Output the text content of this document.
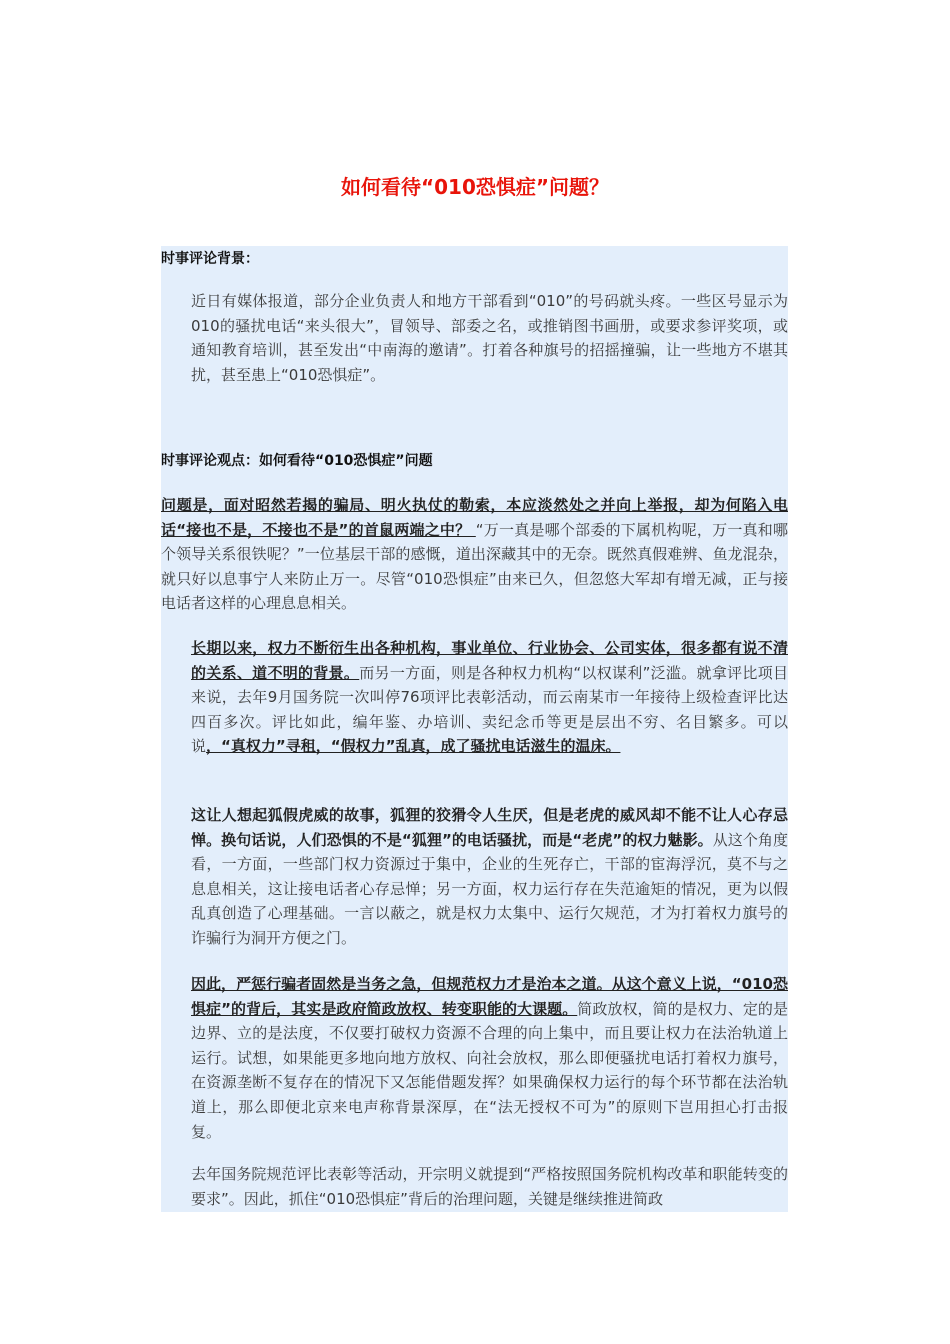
如何看待“010恐惧症”问题？

时事评论背景：

近日有媒体报道，部分企业负责人和地方干部看到“010”的号码就头疼。一些区号显示为010的骚扰电话“来头很大”，冒领导、部委之名，或推销图书画册，或要求参评奖项，或通知教育培训，甚至发出“中南海的邀请”。打着各种旗号的招摇撞骗，让一些地方不堪其扰，甚至患上“010恐惧症”。

时事评论观点：如何看待“010恐惧症”问题

问题是，面对昭然若揭的骗局、明火执仗的勒索，本应淡然处之并向上举报，却为何陷入电话“接也不是，不接也不是”的首鼠两端之中？ “万一真是哪个部委的下属机构呢，万一真和哪个领导关系很铁呢？”一位基层干部的感慨，道出深藏其中的无奈。既然真假难辨、鱼龙混杂，就只好以息事宁人来防止万一。尽管“010恐惧症”由来已久，但忽悠大军却有增无减，正与接电话者这样的心理息息相关。

长期以来，权力不断衍生出各种机构，事业单位、行业协会、公司实体，很多都有说不清的关系、道不明的背景。而另一方面，则是各种权力机构“以权谋利”泛滥。就拿评比项目来说，去年9月国务院一次叫停76项评比表彰活动，而云南某市一年接待上级检查评比达四百多次。评比如此，编年鉴、办培训、卖纪念币等更是层出不穷、名目繁多。可以说，“真权力”寻租，“假权力”乱真，成了骚扰电话滋生的温床。

这让人想起狐假虎威的故事，狐狸的狡猾令人生厌，但是老虎的威风却不能不让人心存忌惮。换句话说，人们恐惧的不是“狐狸”的电话骚扰，而是“老虎”的权力魅影。从这个角度看，一方面，一些部门权力资源过于集中，企业的生死存亡，干部的宦海浮沉，莫不与之息息相关，这让接电话者心存忌惮；另一方面，权力运行存在失范逾矩的情况，更为以假乱真创造了心理基础。一言以蔽之，就是权力太集中、运行欠规范，才为打着权力旗号的诈骗行为洞开方便之门。

因此，严惩行骗者固然是当务之急，但规范权力才是治本之道。从这个意义上说，“010恐惧症”的背后，其实是政府简政放权、转变职能的大课题。简政放权，简的是权力、定的是边界、立的是法度，不仅要打破权力资源不合理的向上集中，而且要让权力在法治轨道上运行。试想，如果能更多地向地方放权、向社会放权，那么即便骚扰电话打着权力旗号，在资源垄断不复存在的情况下又怎能借题发挥？如果确保权力运行的每个环节都在法治轨道上，那么即便北京来电声称背景深厚，在“法无授权不可为”的原则下岂用担心打击报复。

去年国务院规范评比表彰等活动，开宗明义就提到“严格按照国务院机构改革和职能转变的要求”。因此，抓住“010恐惧症”背后的治理问题，关键是继续推进简政
